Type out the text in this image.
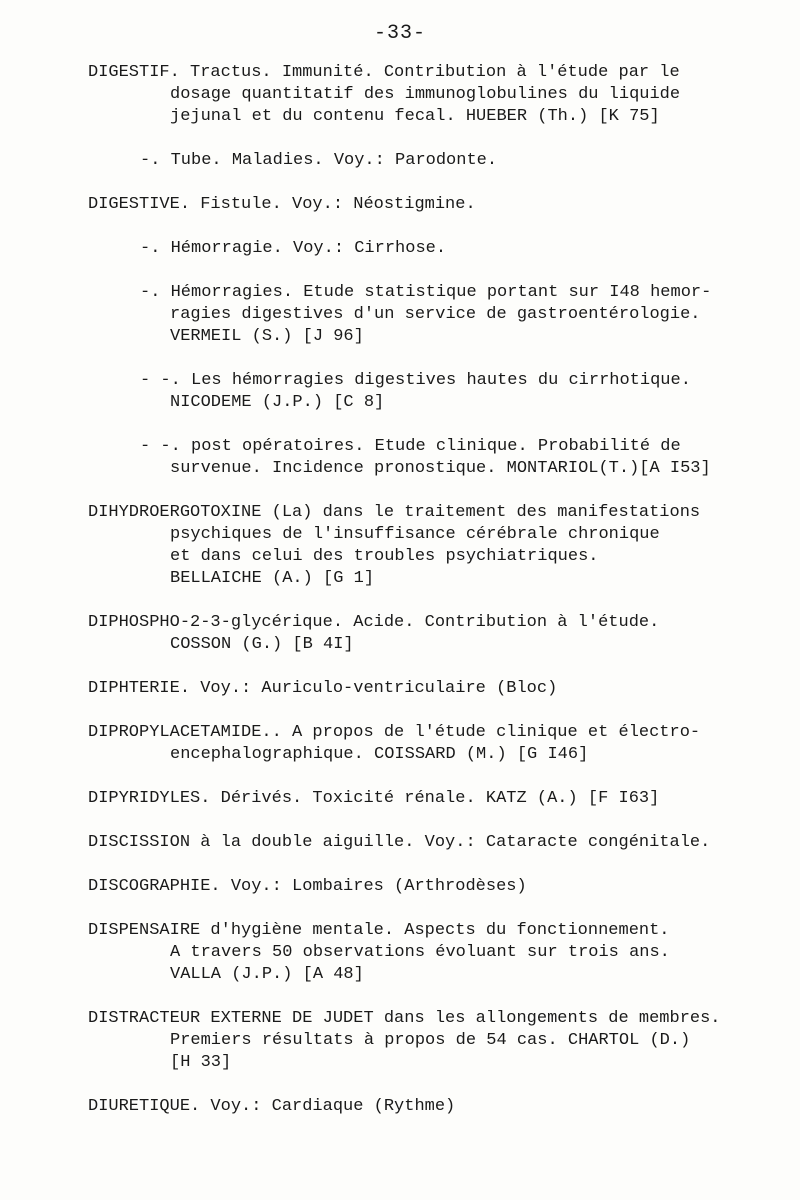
-33-
DIGESTIF. Tractus. Immunité. Contribution à l'étude par le
dosage quantitatif des immunoglobulines du liquide
jejunal et du contenu fecal. HUEBER (Th.) [K 75]
-. Tube. Maladies. Voy.: Parodonte.
DIGESTIVE. Fistule. Voy.: Néostigmine.
-. Hémorragie. Voy.: Cirrhose.
-. Hémorragies. Etude statistique portant sur I48 hemor-
ragies digestives d'un service de gastroentérologie.
VERMEIL (S.) [J 96]
- -. Les hémorragies digestives hautes du cirrhotique.
NICODEME (J.P.) [C 8]
- -. post opératoires. Etude clinique. Probabilité de
survenue. Incidence pronostique. MONTARIOL(T.)[A I53]
DIHYDROERGOTOXINE (La) dans le traitement des manifestations
psychiques de l'insuffisance cérébrale chronique
et dans celui des troubles psychiatriques.
BELLAICHE (A.) [G 1]
DIPHOSPHO-2-3-glycérique. Acide. Contribution à l'étude.
COSSON (G.) [B 4I]
DIPHTERIE. Voy.: Auriculo-ventriculaire (Bloc)
DIPROPYLACETAMIDE.. A propos de l'étude clinique et électro-
encephalographique. COISSARD (M.) [G I46]
DIPYRIDYLES. Dérivés. Toxicité rénale. KATZ (A.) [F I63]
DISCISSION à la double aiguille. Voy.: Cataracte congénitale.
DISCOGRAPHIE. Voy.: Lombaires (Arthrodèses)
DISPENSAIRE d'hygiène mentale. Aspects du fonctionnement.
A travers 50 observations évoluant sur trois ans.
VALLA (J.P.) [A 48]
DISTRACTEUR EXTERNE DE JUDET dans les allongements de membres.
Premiers résultats à propos de 54 cas. CHARTOL (D.)
[H 33]
DIURETIQUE. Voy.: Cardiaque (Rythme)
